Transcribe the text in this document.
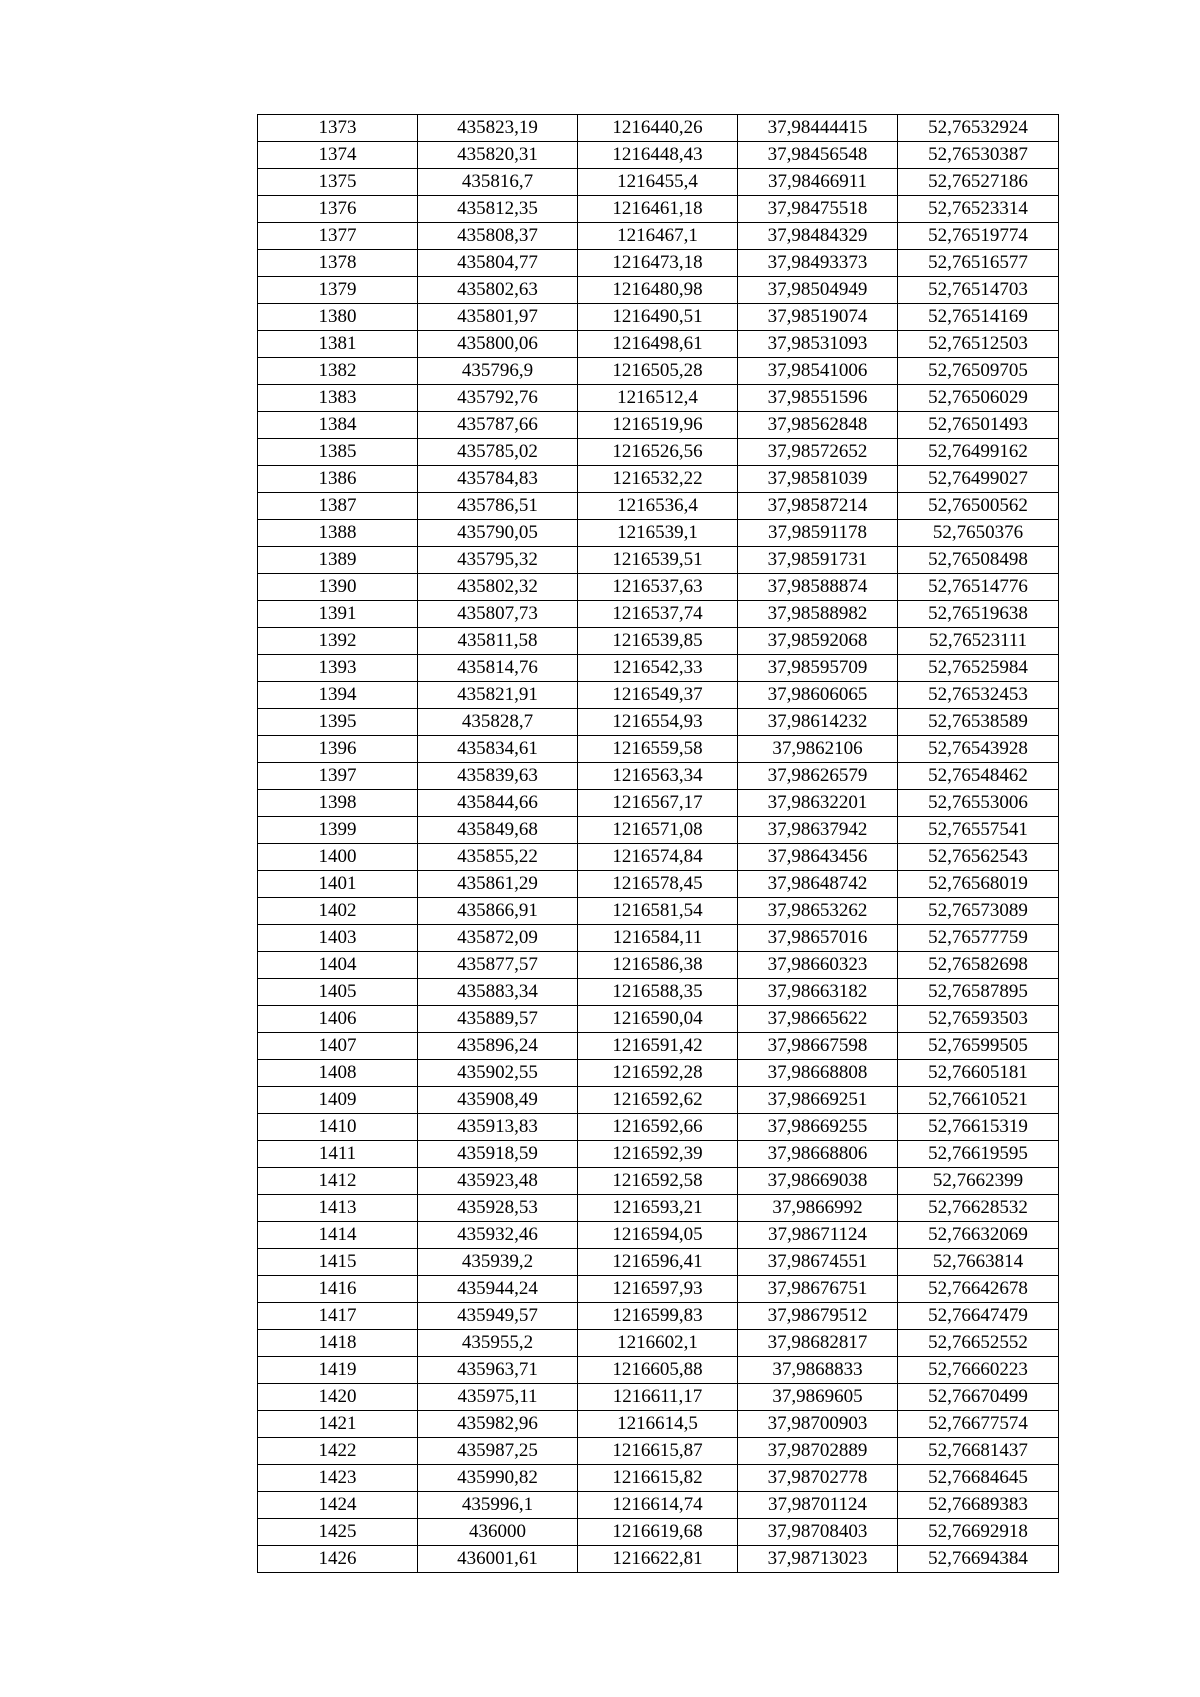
1373	435823,19	1216440,26	37,98444415	52,76532924
1374	435820,31	1216448,43	37,98456548	52,76530387
1375	435816,7	1216455,4	37,98466911	52,76527186
1376	435812,35	1216461,18	37,98475518	52,76523314
1377	435808,37	1216467,1	37,98484329	52,76519774
1378	435804,77	1216473,18	37,98493373	52,76516577
1379	435802,63	1216480,98	37,98504949	52,76514703
1380	435801,97	1216490,51	37,98519074	52,76514169
1381	435800,06	1216498,61	37,98531093	52,76512503
1382	435796,9	1216505,28	37,98541006	52,76509705
1383	435792,76	1216512,4	37,98551596	52,76506029
1384	435787,66	1216519,96	37,98562848	52,76501493
1385	435785,02	1216526,56	37,98572652	52,76499162
1386	435784,83	1216532,22	37,98581039	52,76499027
1387	435786,51	1216536,4	37,98587214	52,76500562
1388	435790,05	1216539,1	37,98591178	52,7650376
1389	435795,32	1216539,51	37,98591731	52,76508498
1390	435802,32	1216537,63	37,98588874	52,76514776
1391	435807,73	1216537,74	37,98588982	52,76519638
1392	435811,58	1216539,85	37,98592068	52,76523111
1393	435814,76	1216542,33	37,98595709	52,76525984
1394	435821,91	1216549,37	37,98606065	52,76532453
1395	435828,7	1216554,93	37,98614232	52,76538589
1396	435834,61	1216559,58	37,9862106	52,76543928
1397	435839,63	1216563,34	37,98626579	52,76548462
1398	435844,66	1216567,17	37,98632201	52,76553006
1399	435849,68	1216571,08	37,98637942	52,76557541
1400	435855,22	1216574,84	37,98643456	52,76562543
1401	435861,29	1216578,45	37,98648742	52,76568019
1402	435866,91	1216581,54	37,98653262	52,76573089
1403	435872,09	1216584,11	37,98657016	52,76577759
1404	435877,57	1216586,38	37,98660323	52,76582698
1405	435883,34	1216588,35	37,98663182	52,76587895
1406	435889,57	1216590,04	37,98665622	52,76593503
1407	435896,24	1216591,42	37,98667598	52,76599505
1408	435902,55	1216592,28	37,98668808	52,76605181
1409	435908,49	1216592,62	37,98669251	52,76610521
1410	435913,83	1216592,66	37,98669255	52,76615319
1411	435918,59	1216592,39	37,98668806	52,76619595
1412	435923,48	1216592,58	37,98669038	52,7662399
1413	435928,53	1216593,21	37,9866992	52,76628532
1414	435932,46	1216594,05	37,98671124	52,76632069
1415	435939,2	1216596,41	37,98674551	52,7663814
1416	435944,24	1216597,93	37,98676751	52,76642678
1417	435949,57	1216599,83	37,98679512	52,76647479
1418	435955,2	1216602,1	37,98682817	52,76652552
1419	435963,71	1216605,88	37,9868833	52,76660223
1420	435975,11	1216611,17	37,9869605	52,76670499
1421	435982,96	1216614,5	37,98700903	52,76677574
1422	435987,25	1216615,87	37,98702889	52,76681437
1423	435990,82	1216615,82	37,98702778	52,76684645
1424	435996,1	1216614,74	37,98701124	52,76689383
1425	436000	1216619,68	37,98708403	52,76692918
1426	436001,61	1216622,81	37,98713023	52,76694384
